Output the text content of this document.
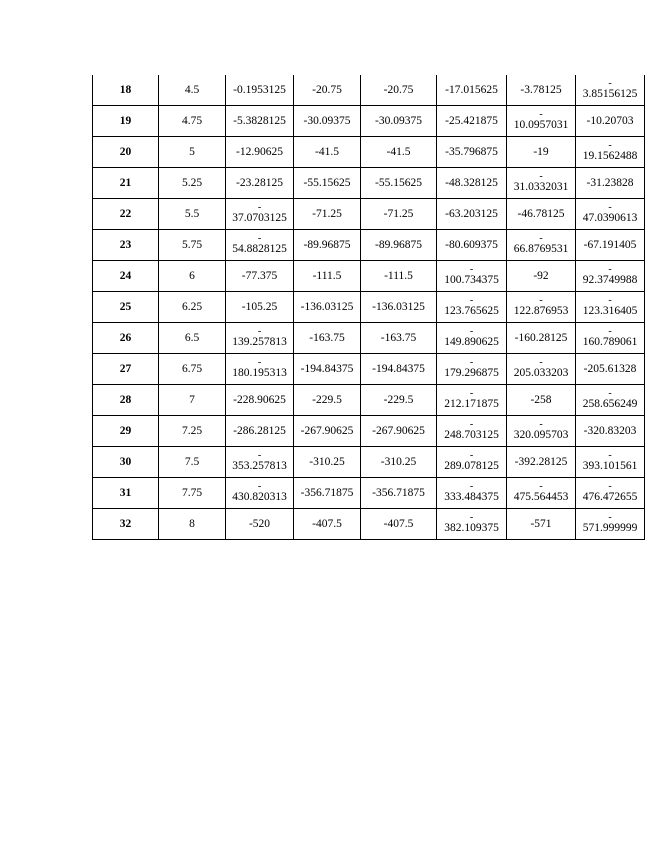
18	4.5	-0.1953125	-20.75	-20.75	-17.015625	-3.78125	-
3.85156125

19	4.75	-5.3828125	-30.09375	-30.09375	-25.421875	-
10.0957031	-10.20703

20	5	-12.90625	-41.5	-41.5	-35.796875	-19	-
19.1562488

21	5.25	-23.28125	-55.15625	-55.15625	-48.328125	-
31.0332031	-31.23828

22	5.5	-
37.0703125	-71.25	-71.25	-63.203125	-46.78125	-
47.0390613

23	5.75	-
54.8828125	-89.96875	-89.96875	-80.609375	-
66.8769531	-67.191405

24	6	-77.375	-111.5	-111.5	-
100.734375	-92	-
92.3749988

25	6.25	-105.25	-136.03125	-136.03125	-
123.765625	-
122.876953	-
123.316405

26	6.5	-
139.257813	-163.75	-163.75	-
149.890625	-160.28125	-
160.789061

27	6.75	-
180.195313	-194.84375	-194.84375	-
179.296875	-
205.033203	-205.61328

28	7	-228.90625	-229.5	-229.5	-
212.171875	-258	-
258.656249

29	7.25	-286.28125	-267.90625	-267.90625	-
248.703125	-
320.095703	-320.83203

30	7.5	-
353.257813	-310.25	-310.25	-
289.078125	-392.28125	-
393.101561

31	7.75	-
430.820313	-356.71875	-356.71875	-
333.484375	-
475.564453	-
476.472655

32	8	-520	-407.5	-407.5	-
382.109375	-571	-
571.999999
